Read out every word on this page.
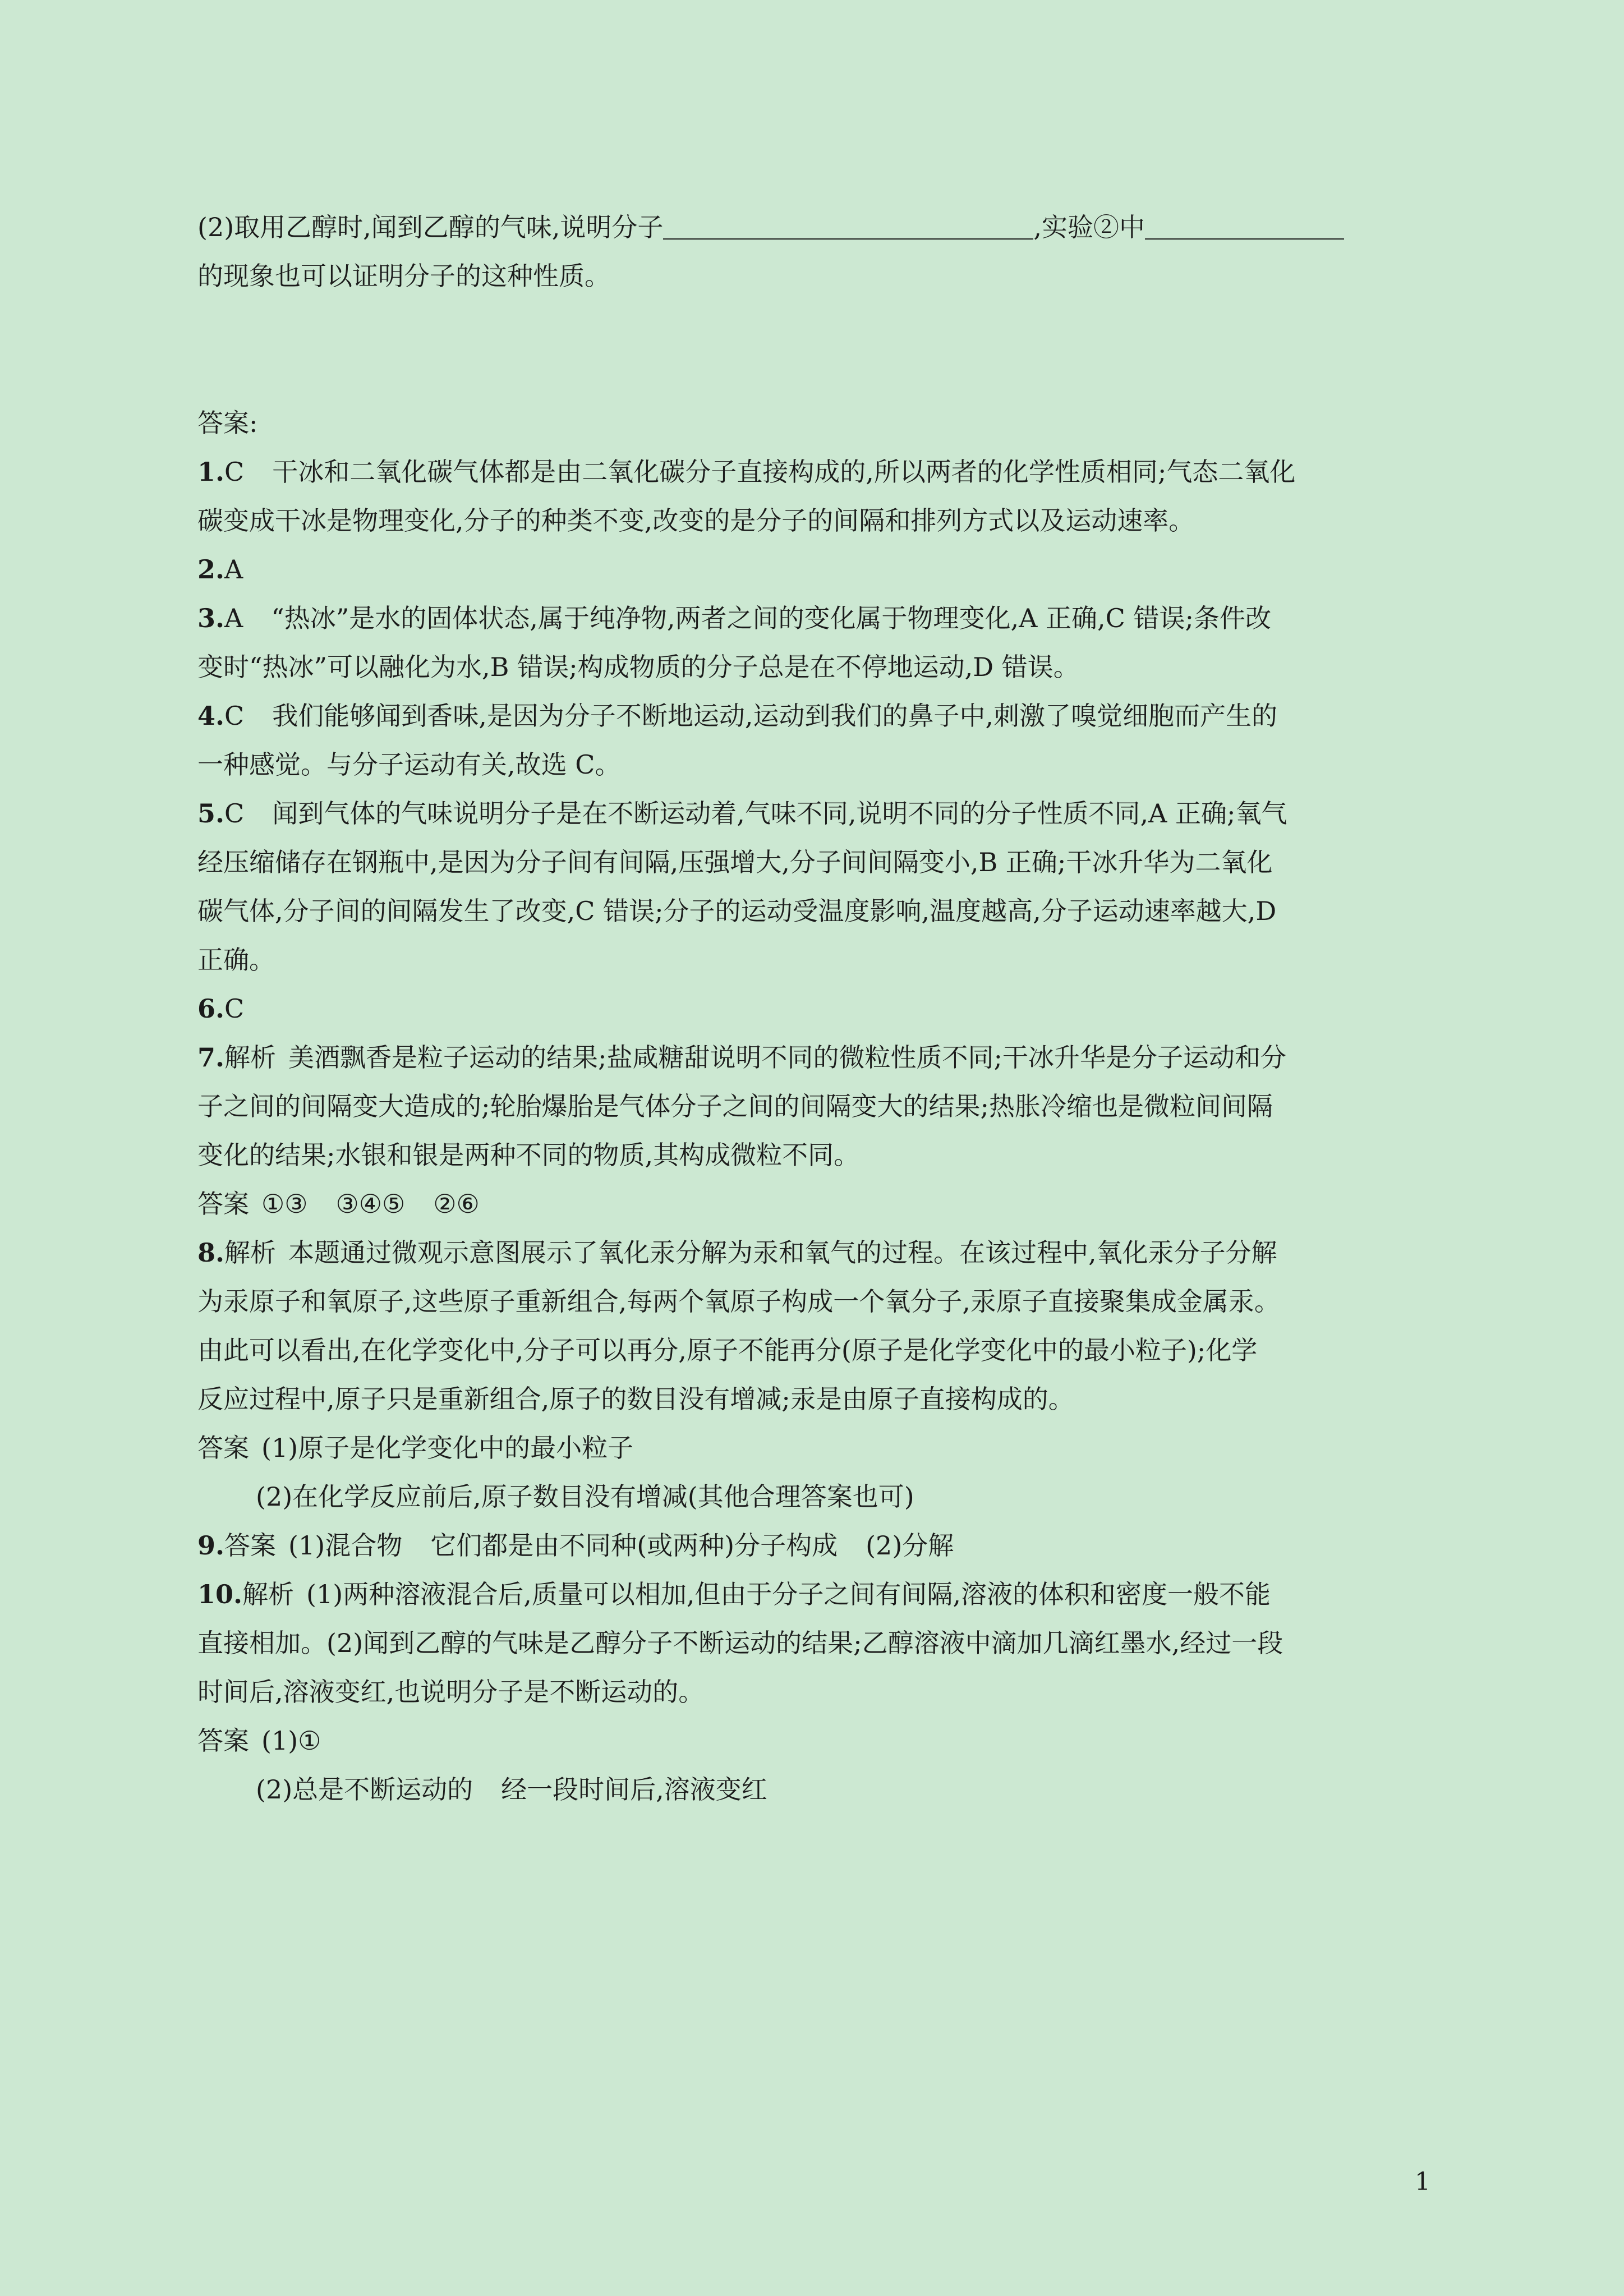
(2)取用乙醇时,闻到乙醇的气味,说明分子	,实验②中
的现象也可以证明分子的这种性质。
答案:
1.C 干冰和二氧化碳气体都是由二氧化碳分子直接构成的,所以两者的化学性质相同;气态二氧化
碳变成干冰是物理变化,分子的种类不变,改变的是分子的间隔和排列方式以及运动速率。
2.A
3.A “热冰”是水的固体状态,属于纯净物,两者之间的变化属于物理变化,A 正确,C 错误;条件改
变时“热冰”可以融化为水,B 错误;构成物质的分子总是在不停地运动,D 错误。
4.C 我们能够闻到香味,是因为分子不断地运动,运动到我们的鼻子中,刺激了嗅觉细胞而产生的
一种感觉。与分子运动有关,故选 C。
5.C 闻到气体的气味说明分子是在不断运动着,气味不同,说明不同的分子性质不同,A 正确;氧气
经压缩储存在钢瓶中,是因为分子间有间隔,压强增大,分子间间隔变小,B 正确;干冰升华为二氧化
碳气体,分子间的间隔发生了改变,C 错误;分子的运动受温度影响,温度越高,分子运动速率越大,D
正确。
6.C
7.解析 美酒飘香是粒子运动的结果;盐咸糖甜说明不同的微粒性质不同;干冰升华是分子运动和分
子之间的间隔变大造成的;轮胎爆胎是气体分子之间的间隔变大的结果;热胀冷缩也是微粒间间隔
变化的结果;水银和银是两种不同的物质,其构成微粒不同。
答案 ①③ ③④⑤ ②⑥
8.解析 本题通过微观示意图展示了氧化汞分解为汞和氧气的过程。在该过程中,氧化汞分子分解
为汞原子和氧原子,这些原子重新组合,每两个氧原子构成一个氧分子,汞原子直接聚集成金属汞。
由此可以看出,在化学变化中,分子可以再分,原子不能再分(原子是化学变化中的最小粒子);化学
反应过程中,原子只是重新组合,原子的数目没有增减;汞是由原子直接构成的。
答案 (1)原子是化学变化中的最小粒子
(2)在化学反应前后,原子数目没有增减(其他合理答案也可)
9.答案 (1)混合物 它们都是由不同种(或两种)分子构成 (2)分解
10.解析 (1)两种溶液混合后,质量可以相加,但由于分子之间有间隔,溶液的体积和密度一般不能
直接相加。(2)闻到乙醇的气味是乙醇分子不断运动的结果;乙醇溶液中滴加几滴红墨水,经过一段
时间后,溶液变红,也说明分子是不断运动的。
答案 (1)①
(2)总是不断运动的 经一段时间后,溶液变红
1
